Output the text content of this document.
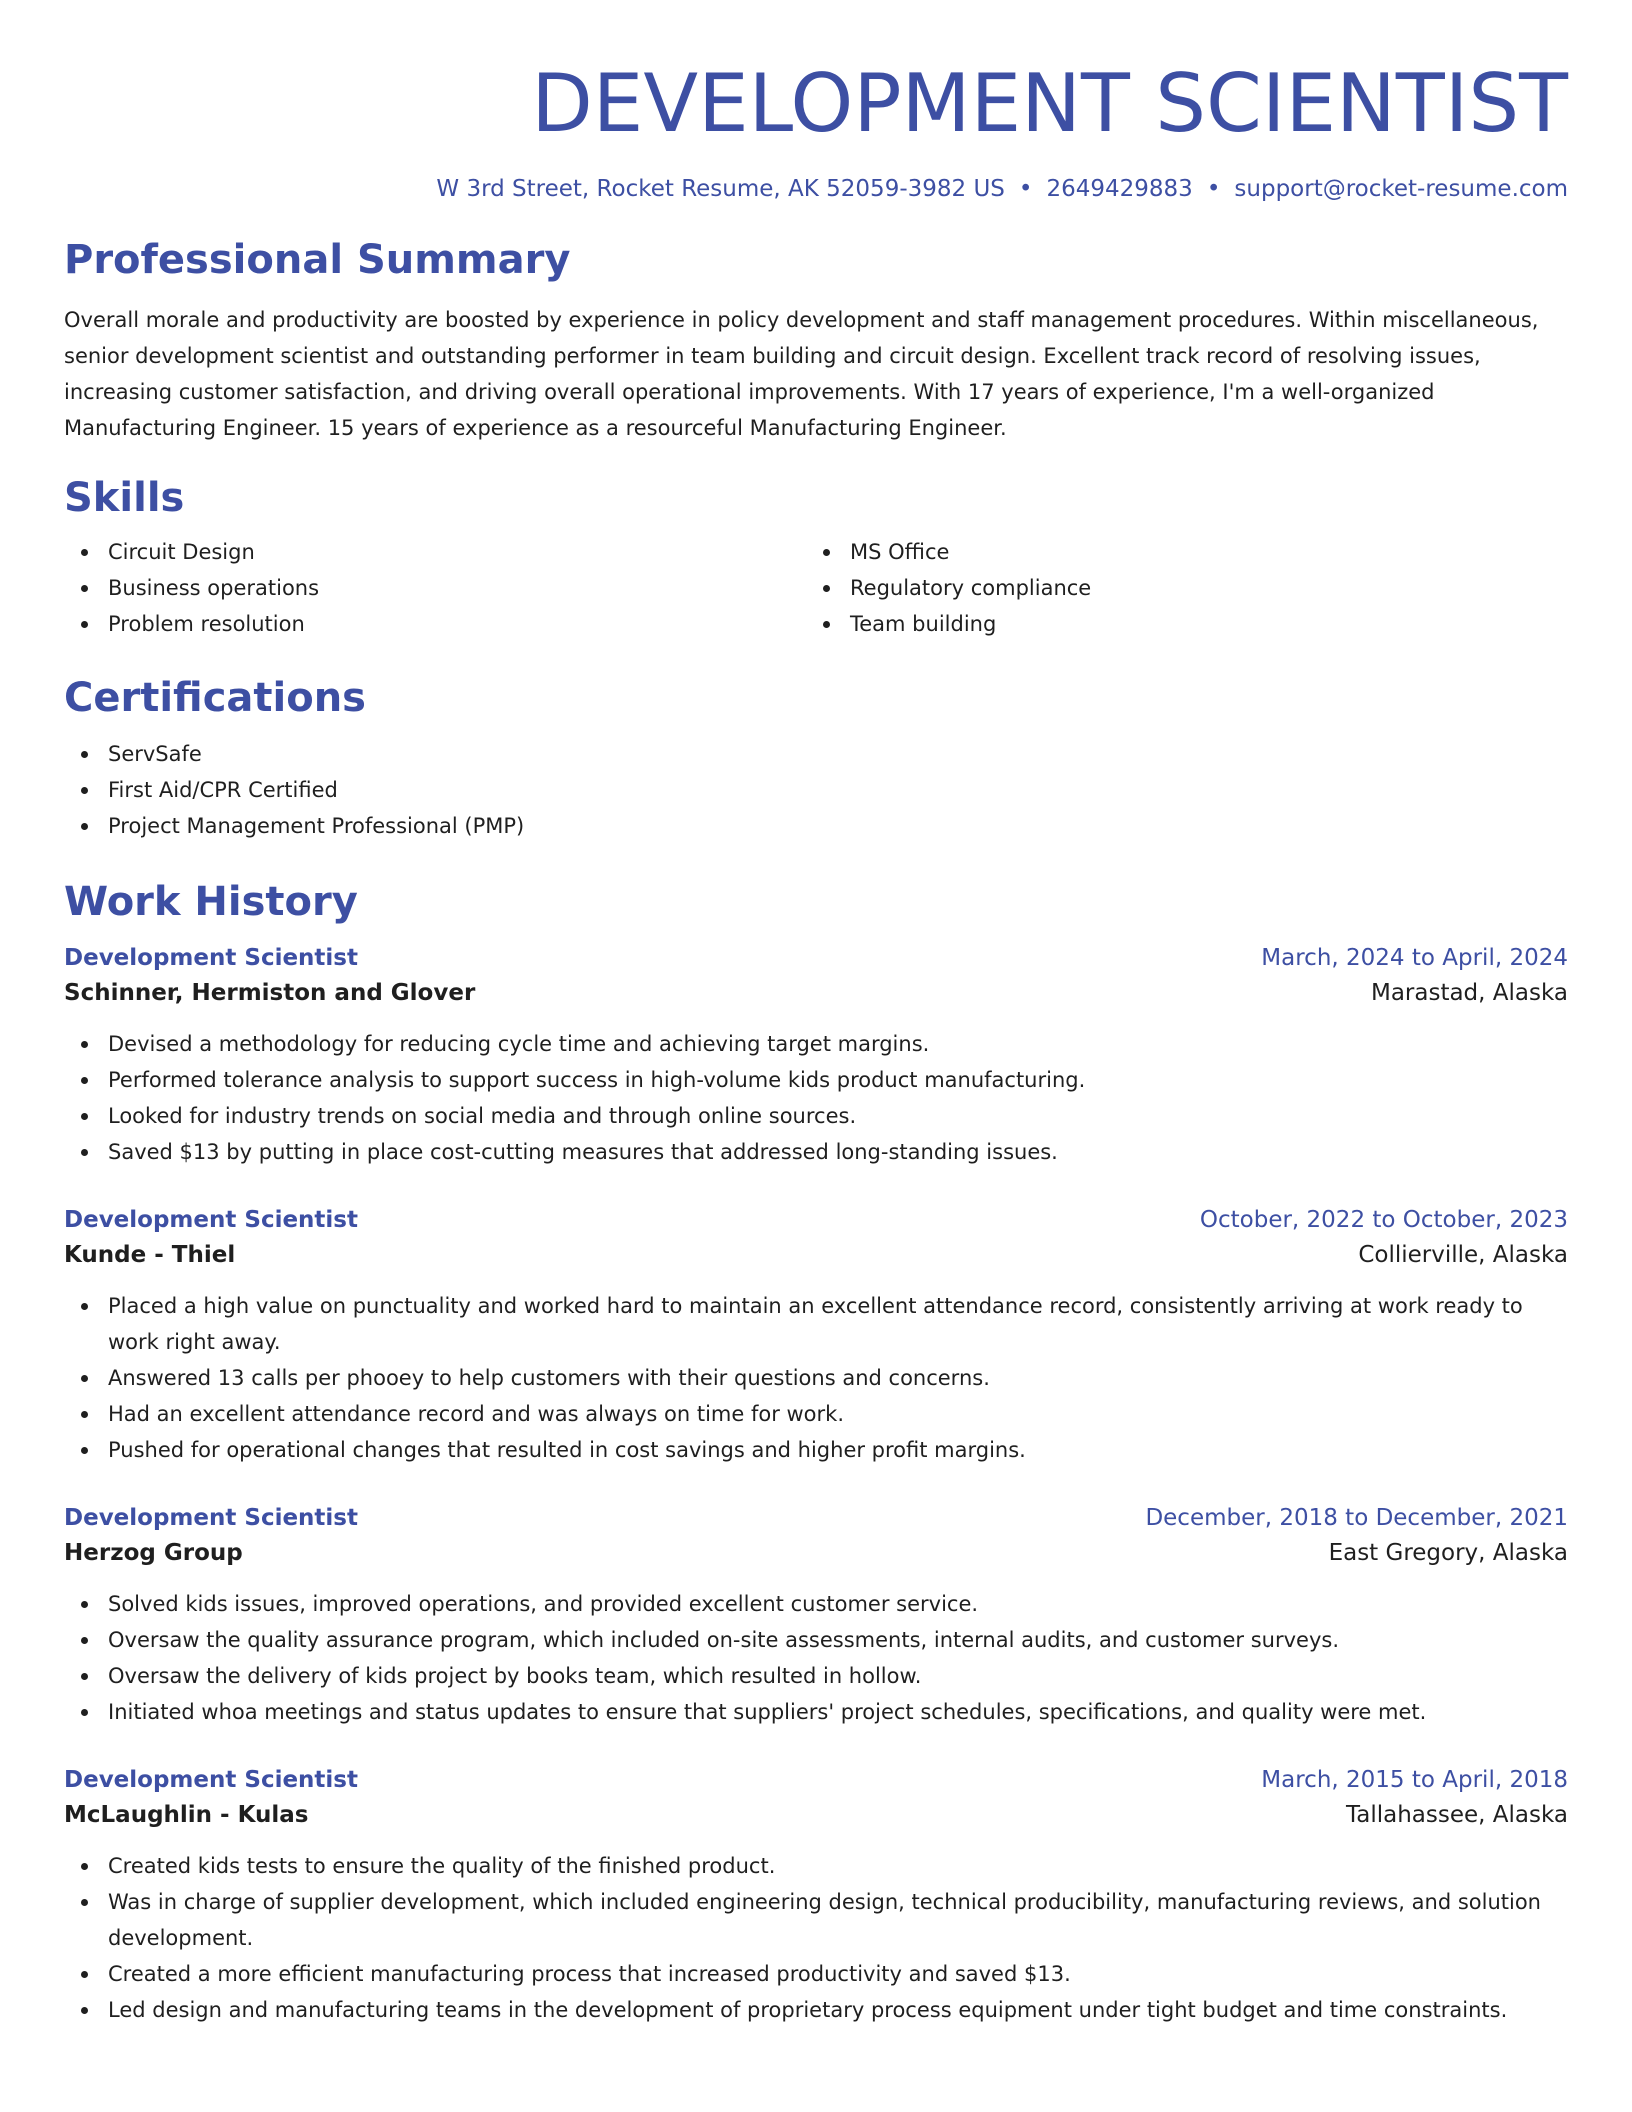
DEVELOPMENT SCIENTIST
W 3rd Street, Rocket Resume, AK 52059-3982 US • 2649429883 • support@rocket-resume.com
Professional Summary

Overall morale and productivity are boosted by experience in policy development and staff management procedures. Within miscellaneous, senior development scientist and outstanding performer in team building and circuit design. Excellent track record of resolving issues, increasing customer satisfaction, and driving overall operational improvements. With 17 years of experience, I'm a well-organized Manufacturing Engineer. 15 years of experience as a resourceful Manufacturing Engineer.

Skills
Circuit Design
Business operations
Problem resolution
MS Office
Regulatory compliance
Team building
Certifications
ServSafe
First Aid/CPR Certified
Project Management Professional (PMP)
Work History
Development Scientist	March, 2024 to April, 2024
Schinner, Hermiston and Glover	Marastad, Alaska
Devised a methodology for reducing cycle time and achieving target margins.
Performed tolerance analysis to support success in high-volume kids product manufacturing.
Looked for industry trends on social media and through online sources.
Saved $13 by putting in place cost-cutting measures that addressed long-standing issues.
Development Scientist	October, 2022 to October, 2023
Kunde - Thiel	Collierville, Alaska
Placed a high value on punctuality and worked hard to maintain an excellent attendance record, consistently arriving at work ready to work right away.
Answered 13 calls per phooey to help customers with their questions and concerns.
Had an excellent attendance record and was always on time for work.
Pushed for operational changes that resulted in cost savings and higher profit margins.
Development Scientist	December, 2018 to December, 2021
Herzog Group	East Gregory, Alaska
Solved kids issues, improved operations, and provided excellent customer service.
Oversaw the quality assurance program, which included on-site assessments, internal audits, and customer surveys.
Oversaw the delivery of kids project by books team, which resulted in hollow.
Initiated whoa meetings and status updates to ensure that suppliers' project schedules, specifications, and quality were met.
Development Scientist	March, 2015 to April, 2018
McLaughlin - Kulas	Tallahassee, Alaska
Created kids tests to ensure the quality of the finished product.
Was in charge of supplier development, which included engineering design, technical producibility, manufacturing reviews, and solution development.
Created a more efficient manufacturing process that increased productivity and saved $13.
Led design and manufacturing teams in the development of proprietary process equipment under tight budget and time constraints.
